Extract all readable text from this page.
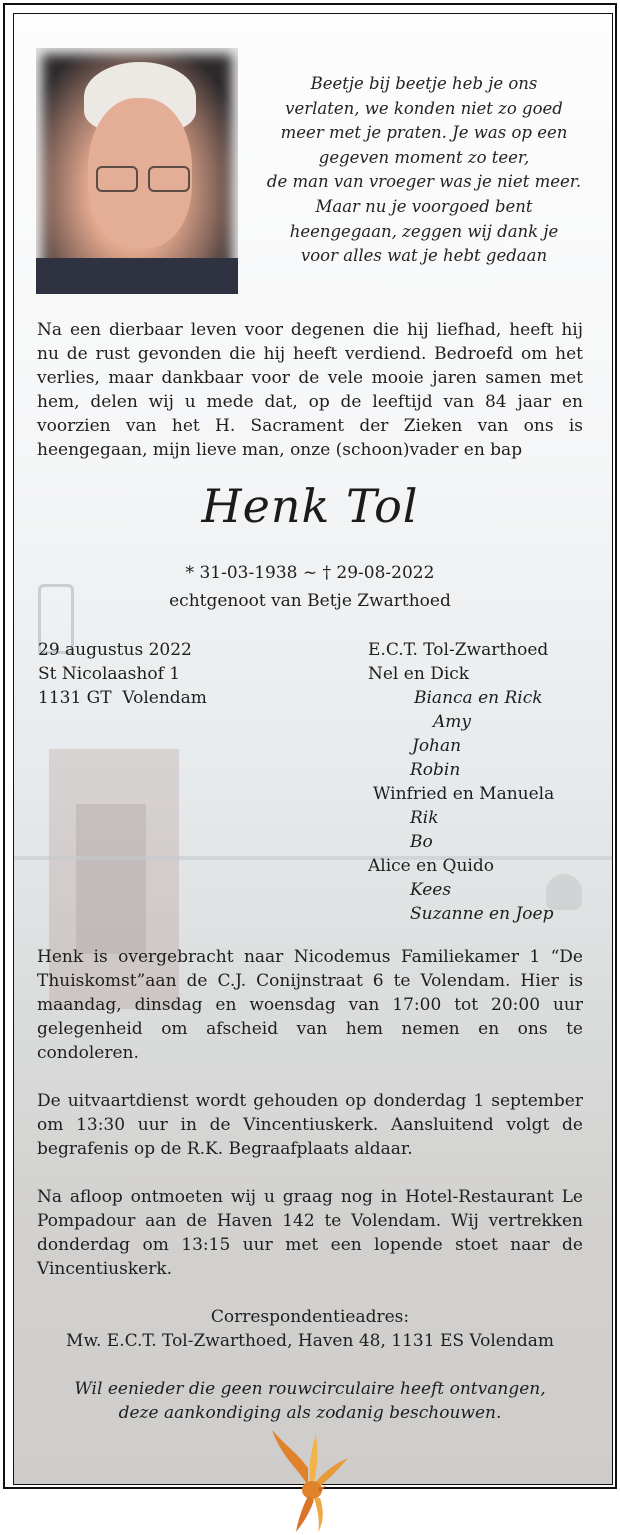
Beetje bij beetje heb je ons
verlaten, we konden niet zo goed
meer met je praten. Je was op een
gegeven moment zo teer,
de man van vroeger was je niet meer.
Maar nu je voorgoed bent
heengegaan, zeggen wij dank je
voor alles wat je hebt gedaan

Na een dierbaar leven voor degenen die hij liefhad, heeft hij nu de rust gevonden die hij heeft verdiend. Bedroefd om het verlies, maar dankbaar voor de vele mooie jaren samen met hem, delen wij u mede dat, op de leeftijd van 84 jaar en voorzien van het H. Sacrament der Zieken van ons is heengegaan, mijn lieve man, onze (schoon)vader en bap

Henk Tol
* 31-03-1938 ~ † 29-08-2022
echtgenoot van Betje Zwarthoed
29 augustus 2022
St Nicolaashof 1
1131 GT  Volendam
E.C.T. Tol-Zwarthoed
Nel en Dick
Bianca en Rick
Amy
Johan
Robin
Winfried en Manuela
Rik
Bo
Alice en Quido
Kees
Suzanne en Joep

Henk is overgebracht naar Nicodemus Familiekamer 1 “De Thuiskomst”aan de C.J. Conijnstraat 6 te Volendam. Hier is maandag, dinsdag en woensdag van 17:00 tot 20:00 uur gelegenheid om afscheid van hem nemen en ons te condoleren.

De uitvaartdienst wordt gehouden op donderdag 1 september om 13:30 uur in de Vincentiuskerk. Aansluitend volgt de begrafenis op de R.K. Begraafplaats aldaar.

Na afloop ontmoeten wij u graag nog in Hotel-Restaurant Le Pompadour aan de Haven 142 te Volendam. Wij vertrekken donderdag om 13:15 uur met een lopende stoet naar de Vincentiuskerk.

Correspondentieadres:
Mw. E.C.T. Tol-Zwarthoed, Haven 48, 1131 ES Volendam
Wil eenieder die geen rouwcirculaire heeft ontvangen,
deze aankondiging als zodanig beschouwen.
